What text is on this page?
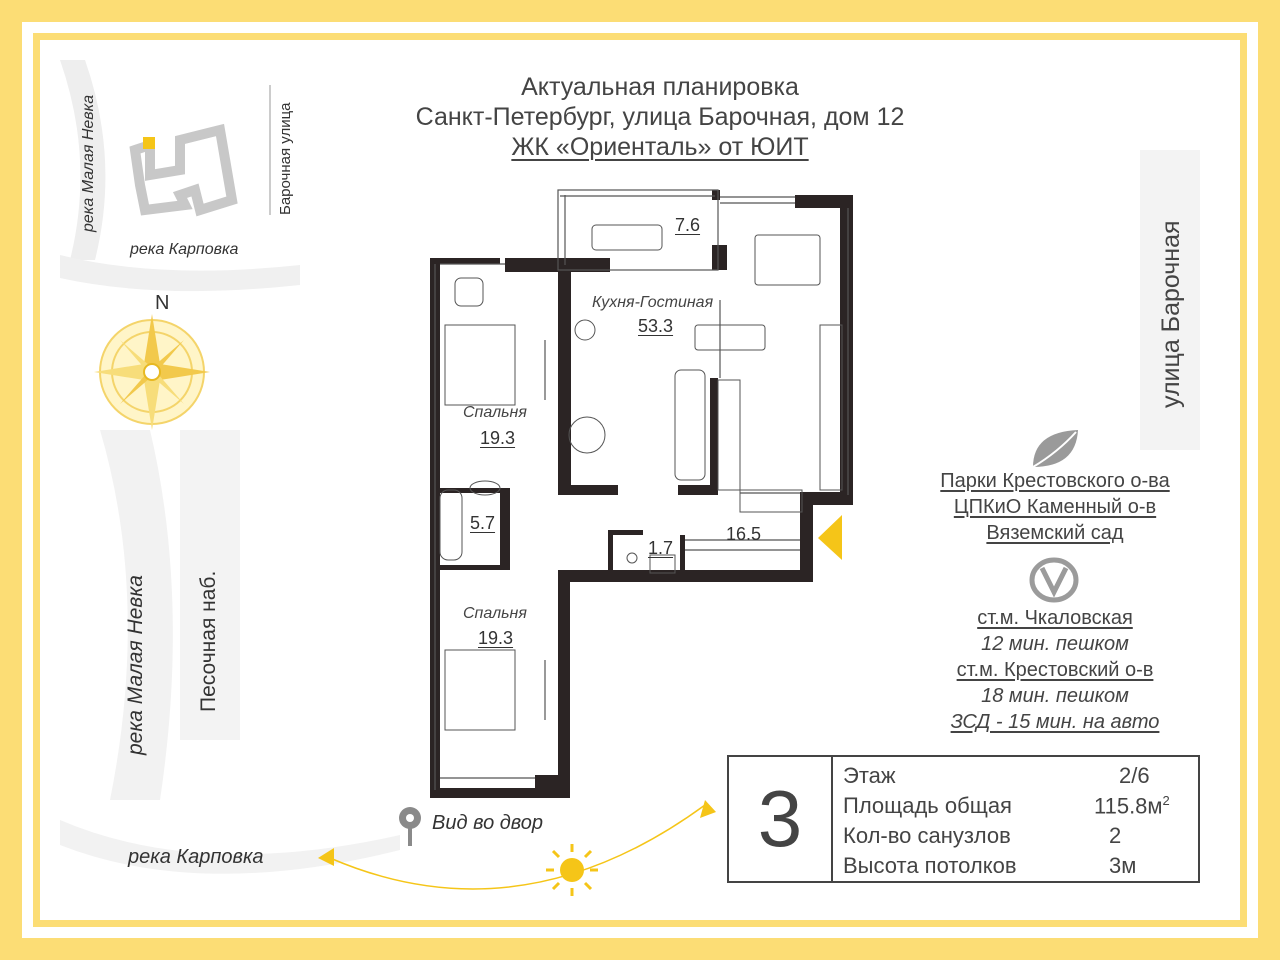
Актуальная планировка
Санкт-Петербург, улица Барочная, дом 12
ЖК «Ориенталь» от ЮИТ
река Малая Невка	Барочная улица
река Карповка
N
река Малая Невка Песочная наб.
река Карповка
Вид во двор
улица Барочная
7.6
Кухня-Гостиная
53.3
Спальня
19.3
5.7
1.7
16.5
Спальня
19.3
Парки Крестовского о-ва
ЦПКиО Каменный о-в
Вяземский сад
ст.м. Чкаловская
12 мин. пешком
ст.м. Крестовский о-в
18 мин. пешком
ЗСД - 15 мин. на авто
3	Этаж	2/6
Площадь общая	$115.8м^2$
Кол-во санузлов	2
Высота потолков	3м
